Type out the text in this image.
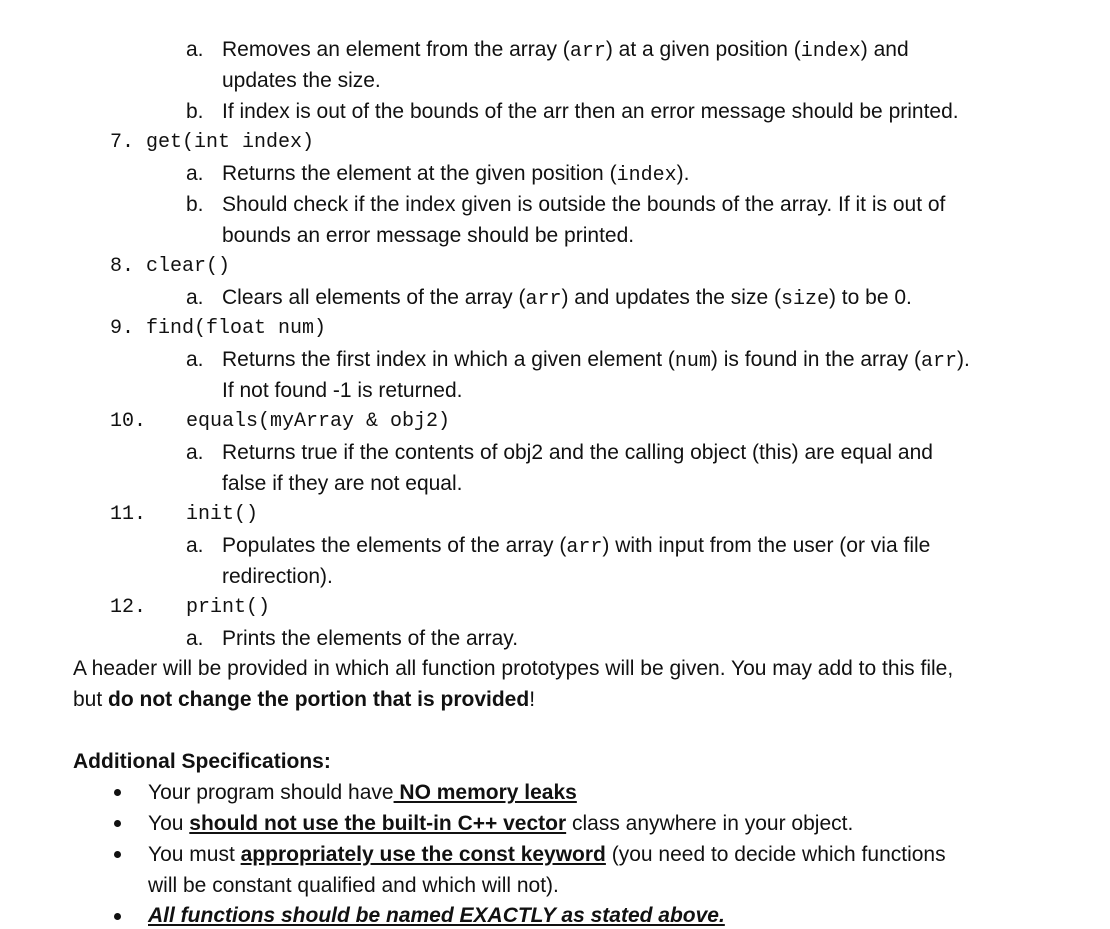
a. Removes an element from the array (arr) at a given position (index) and
updates the size.
b. If index is out of the bounds of the arr then an error message should be printed.
7. get(int index)
a. Returns the element at the given position (index).
b. Should check if the index given is outside the bounds of the array. If it is out of
bounds an error message should be printed.
8. clear()
a. Clears all elements of the array (arr) and updates the size (size) to be 0.
9. find(float num)
a. Returns the first index in which a given element (num) is found in the array (arr).
If not found -1 is returned.
10. equals(myArray & obj2)
a. Returns true if the contents of obj2 and the calling object (this) are equal and
false if they are not equal.
11. init()
a. Populates the elements of the array (arr) with input from the user (or via file
redirection).
12. print()
a. Prints the elements of the array.
A header will be provided in which all function prototypes will be given. You may add to this file,
but do not change the portion that is provided!
Additional Specifications:
Your program should have NO memory leaks
You should not use the built-in C++ vector class anywhere in your object.
You must appropriately use the const keyword (you need to decide which functions
will be constant qualified and which will not).
All functions should be named EXACTLY as stated above.
